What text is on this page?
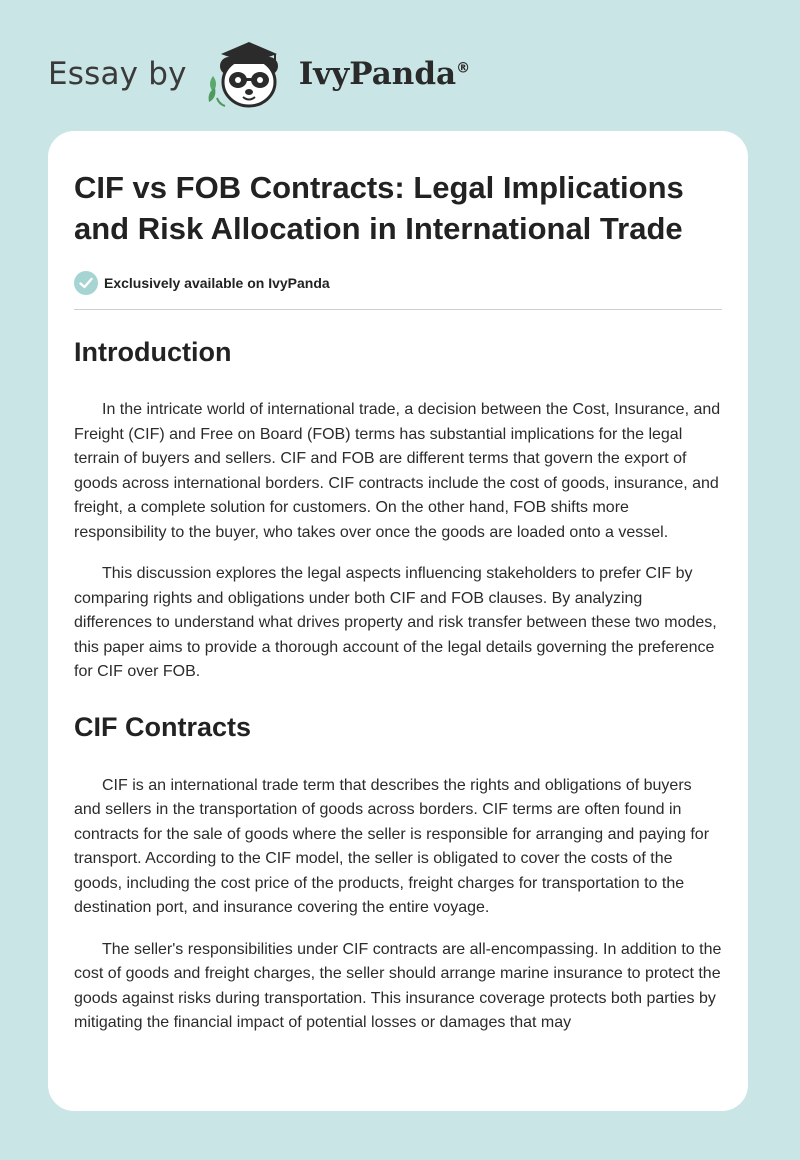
Essay by	IvyPanda®
CIF vs FOB Contracts: Legal Implications and Risk Allocation in International Trade
Exclusively available on IvyPanda
Introduction

In the intricate world of international trade, a decision between the Cost, Insurance, and Freight (CIF) and Free on Board (FOB) terms has substantial implications for the legal terrain of buyers and sellers. CIF and FOB are different terms that govern the export of goods across international borders. CIF contracts include the cost of goods, insurance, and freight, a complete solution for customers. On the other hand, FOB shifts more responsibility to the buyer, who takes over once the goods are loaded onto a vessel.

This discussion explores the legal aspects influencing stakeholders to prefer CIF by comparing rights and obligations under both CIF and FOB clauses. By analyzing differences to understand what drives property and risk transfer between these two modes, this paper aims to provide a thorough account of the legal details governing the preference for CIF over FOB.

CIF Contracts

CIF is an international trade term that describes the rights and obligations of buyers and sellers in the transportation of goods across borders. CIF terms are often found in contracts for the sale of goods where the seller is responsible for arranging and paying for transport. According to the CIF model, the seller is obligated to cover the costs of the goods, including the cost price of the products, freight charges for transportation to the destination port, and insurance covering the entire voyage.

The seller's responsibilities under CIF contracts are all-encompassing. In addition to the cost of goods and freight charges, the seller should arrange marine insurance to protect the goods against risks during transportation. This insurance coverage protects both parties by mitigating the financial impact of potential losses or damages that may
